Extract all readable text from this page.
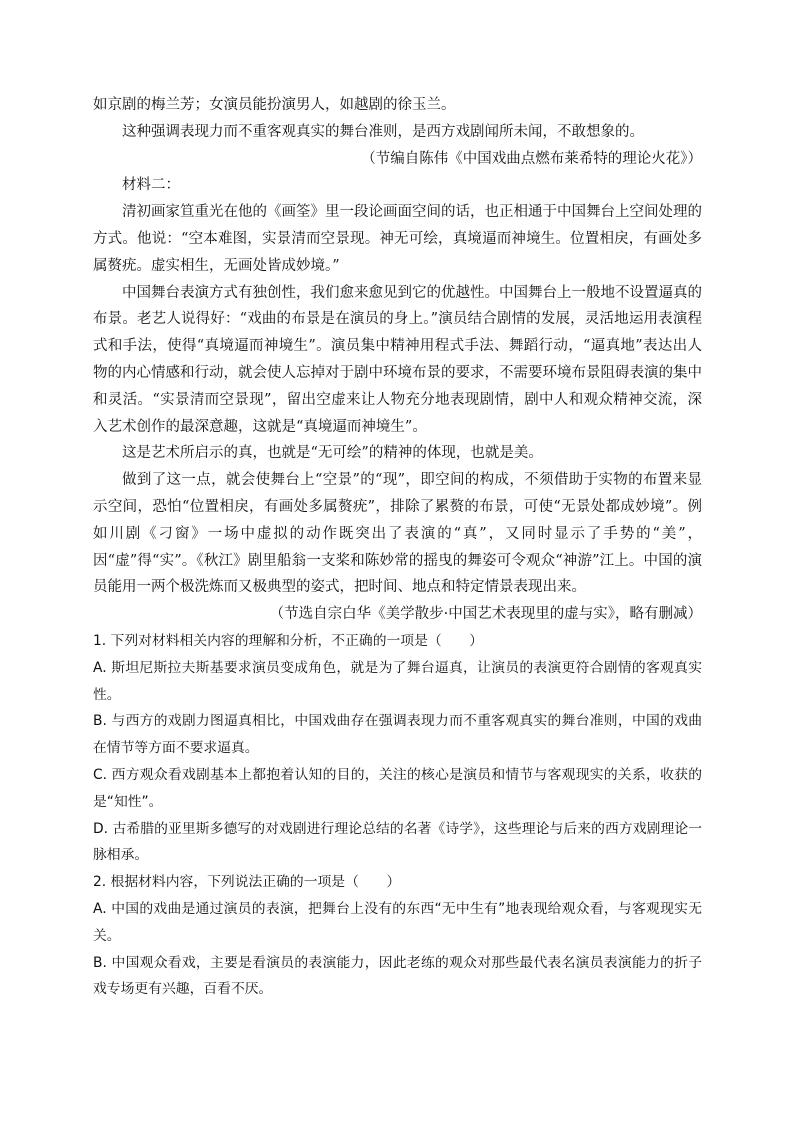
如京剧的梅兰芳；女演员能扮演男人，如越剧的徐玉兰。

这种强调表现力而不重客观真实的舞台准则，是西方戏剧闻所未闻，不敢想象的。

（节编自陈伟《中国戏曲点燃布莱希特的理论火花》）

材料二：

清初画家笪重光在他的《画筌》里一段论画面空间的话，也正相通于中国舞台上空间处理的方式。他说：“空本难图，实景清而空景现。神无可绘，真境逼而神境生。位置相戾，有画处多属赘疣。虚实相生，无画处皆成妙境。”

中国舞台表演方式有独创性，我们愈来愈见到它的优越性。中国舞台上一般地不设置逼真的布景。老艺人说得好：“戏曲的布景是在演员的身上。”演员结合剧情的发展，灵活地运用表演程式和手法，使得“真境逼而神境生”。演员集中精神用程式手法、舞蹈行动，“逼真地”表达出人物的内心情感和行动，就会使人忘掉对于剧中环境布景的要求，不需要环境布景阻碍表演的集中和灵活。“实景清而空景现”，留出空虚来让人物充分地表现剧情，剧中人和观众精神交流，深入艺术创作的最深意趣，这就是“真境逼而神境生”。

这是艺术所启示的真，也就是“无可绘”的精神的体现，也就是美。

做到了这一点，就会使舞台上“空景”的“现”，即空间的构成，不须借助于实物的布置来显示空间，恐怕“位置相戾，有画处多属赘疣”，排除了累赘的布景，可使“无景处都成妙境”。例如川剧《刁窗》一场中虚拟的动作既突出了表演的“真”，又同时显示了手势的“美”，因“虚”得“实”。《秋江》剧里船翁一支桨和陈妙常的摇曳的舞姿可令观众“神游”江上。中国的演员能用一两个极洗炼而又极典型的姿式，把时间、地点和特定情景表现出来。

（节选自宗白华《美学散步·中国艺术表现里的虚与实》，略有删减）

1. 下列对材料相关内容的理解和分析，不正确的一项是（　　）

A. 斯坦尼斯拉夫斯基要求演员变成角色，就是为了舞台逼真，让演员的表演更符合剧情的客观真实性。

B. 与西方的戏剧力图逼真相比，中国戏曲存在强调表现力而不重客观真实的舞台准则，中国的戏曲在情节等方面不要求逼真。

C. 西方观众看戏剧基本上都抱着认知的目的，关注的核心是演员和情节与客观现实的关系，收获的是“知性”。

D. 古希腊的亚里斯多德写的对戏剧进行理论总结的名著《诗学》，这些理论与后来的西方戏剧理论一脉相承。

2. 根据材料内容，下列说法正确的一项是（　　）

A. 中国的戏曲是通过演员的表演，把舞台上没有的东西“无中生有”地表现给观众看，与客观现实无关。

B. 中国观众看戏，主要是看演员的表演能力，因此老练的观众对那些最代表名演员表演能力的折子戏专场更有兴趣，百看不厌。
